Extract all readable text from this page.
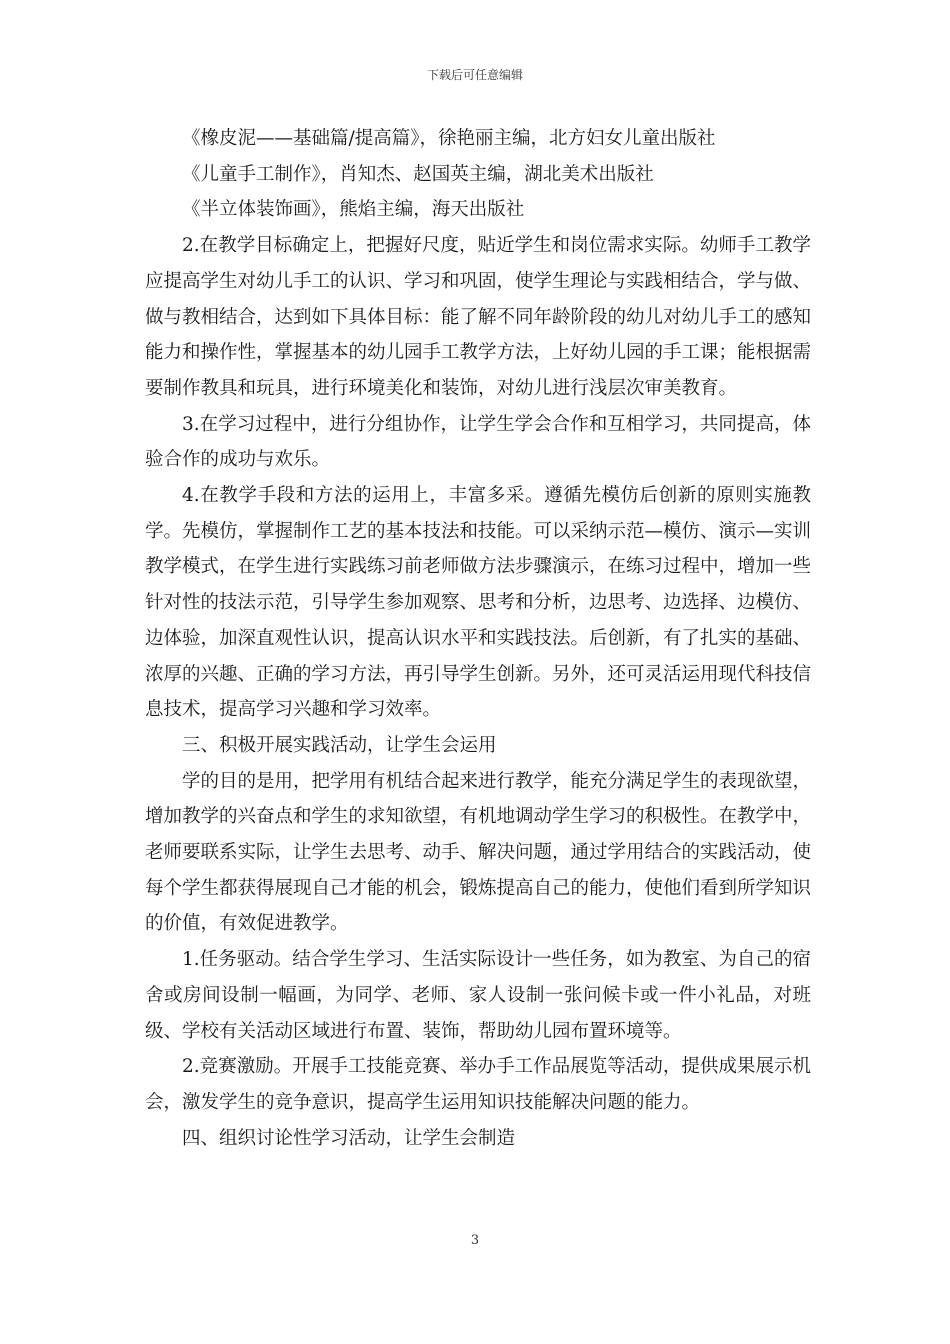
下载后可任意编辑

《橡皮泥——基础篇/提高篇》，徐艳丽主编，北方妇女儿童出版社

《儿童手工制作》，肖知杰、赵国英主编，湖北美术出版社

《半立体装饰画》，熊焰主编，海天出版社

2.在教学目标确定上，把握好尺度，贴近学生和岗位需求实际。幼师手工教学应提高学生对幼儿手工的认识、学习和巩固，使学生理论与实践相结合，学与做、做与教相结合，达到如下具体目标：能了解不同年龄阶段的幼儿对幼儿手工的感知能力和操作性，掌握基本的幼儿园手工教学方法，上好幼儿园的手工课；能根据需要制作教具和玩具，进行环境美化和装饰，对幼儿进行浅层次审美教育。

3.在学习过程中，进行分组协作，让学生学会合作和互相学习，共同提高，体验合作的成功与欢乐。

4.在教学手段和方法的运用上，丰富多采。遵循先模仿后创新的原则实施教学。先模仿，掌握制作工艺的基本技法和技能。可以采纳示范—模仿、演示—实训教学模式，在学生进行实践练习前老师做方法步骤演示，在练习过程中，增加一些针对性的技法示范，引导学生参加观察、思考和分析，边思考、边选择、边模仿、边体验，加深直观性认识，提高认识水平和实践技法。后创新，有了扎实的基础、浓厚的兴趣、正确的学习方法，再引导学生创新。另外，还可灵活运用现代科技信息技术，提高学习兴趣和学习效率。

三、积极开展实践活动，让学生会运用

学的目的是用，把学用有机结合起来进行教学，能充分满足学生的表现欲望，增加教学的兴奋点和学生的求知欲望，有机地调动学生学习的积极性。在教学中，老师要联系实际，让学生去思考、动手、解决问题，通过学用结合的实践活动，使每个学生都获得展现自己才能的机会，锻炼提高自己的能力，使他们看到所学知识的价值，有效促进教学。

1.任务驱动。结合学生学习、生活实际设计一些任务，如为教室、为自己的宿舍或房间设制一幅画，为同学、老师、家人设制一张问候卡或一件小礼品，对班级、学校有关活动区域进行布置、装饰，帮助幼儿园布置环境等。

2.竞赛激励。开展手工技能竞赛、举办手工作品展览等活动，提供成果展示机会，激发学生的竞争意识，提高学生运用知识技能解决问题的能力。

四、组织讨论性学习活动，让学生会制造

3
